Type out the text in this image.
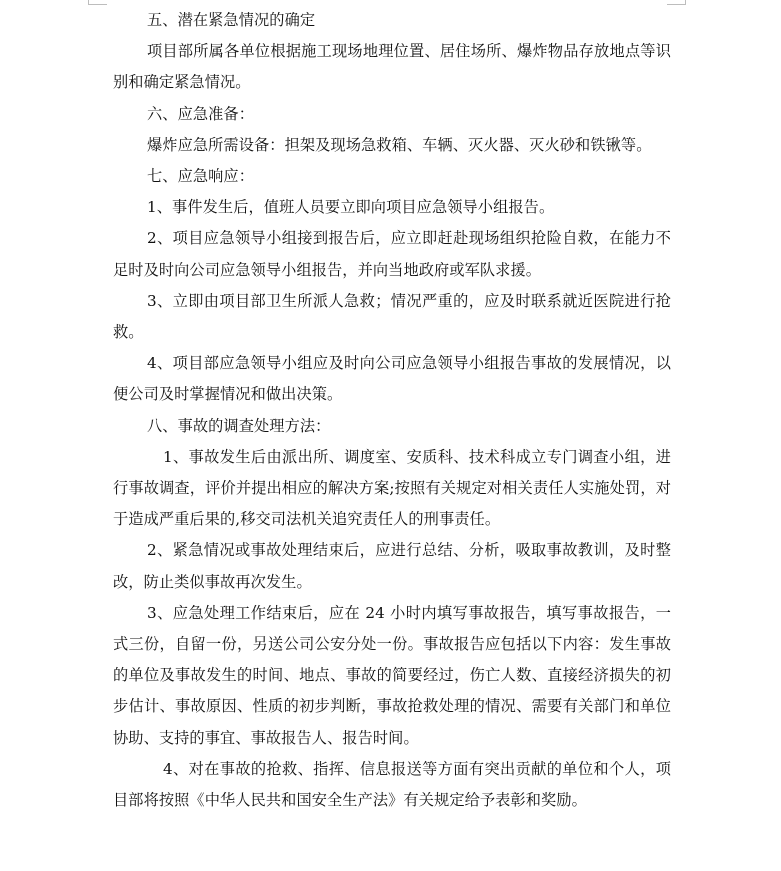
五、潜在紧急情况的确定

项目部所属各单位根据施工现场地理位置、居住场所、爆炸物品存放地点等识别和确定紧急情况。

六、应急准备：

爆炸应急所需设备：担架及现场急救箱、车辆、灭火器、灭火砂和铁锹等。

七、应急响应：

1、事件发生后，值班人员要立即向项目应急领导小组报告。

2、项目应急领导小组接到报告后，应立即赶赴现场组织抢险自救，在能力不足时及时向公司应急领导小组报告，并向当地政府或军队求援。

3、立即由项目部卫生所派人急救；情况严重的，应及时联系就近医院进行抢救。

4、项目部应急领导小组应及时向公司应急领导小组报告事故的发展情况，以便公司及时掌握情况和做出决策。

八、事故的调查处理方法：

1、事故发生后由派出所、调度室、安质科、技术科成立专门调查小组，进行事故调查，评价并提出相应的解决方案;按照有关规定对相关责任人实施处罚，对于造成严重后果的,移交司法机关追究责任人的刑事责任。

2、紧急情况或事故处理结束后，应进行总结、分析，吸取事故教训，及时整改，防止类似事故再次发生。

3、应急处理工作结束后，应在 24 小时内填写事故报告，填写事故报告，一式三份，自留一份，另送公司公安分处一份。事故报告应包括以下内容：发生事故的单位及事故发生的时间、地点、事故的简要经过，伤亡人数、直接经济损失的初步估计、事故原因、性质的初步判断，事故抢救处理的情况、需要有关部门和单位协助、支持的事宜、事故报告人、报告时间。

4、对在事故的抢救、指挥、信息报送等方面有突出贡献的单位和个人，项目部将按照《中华人民共和国安全生产法》有关规定给予表彰和奖励。
